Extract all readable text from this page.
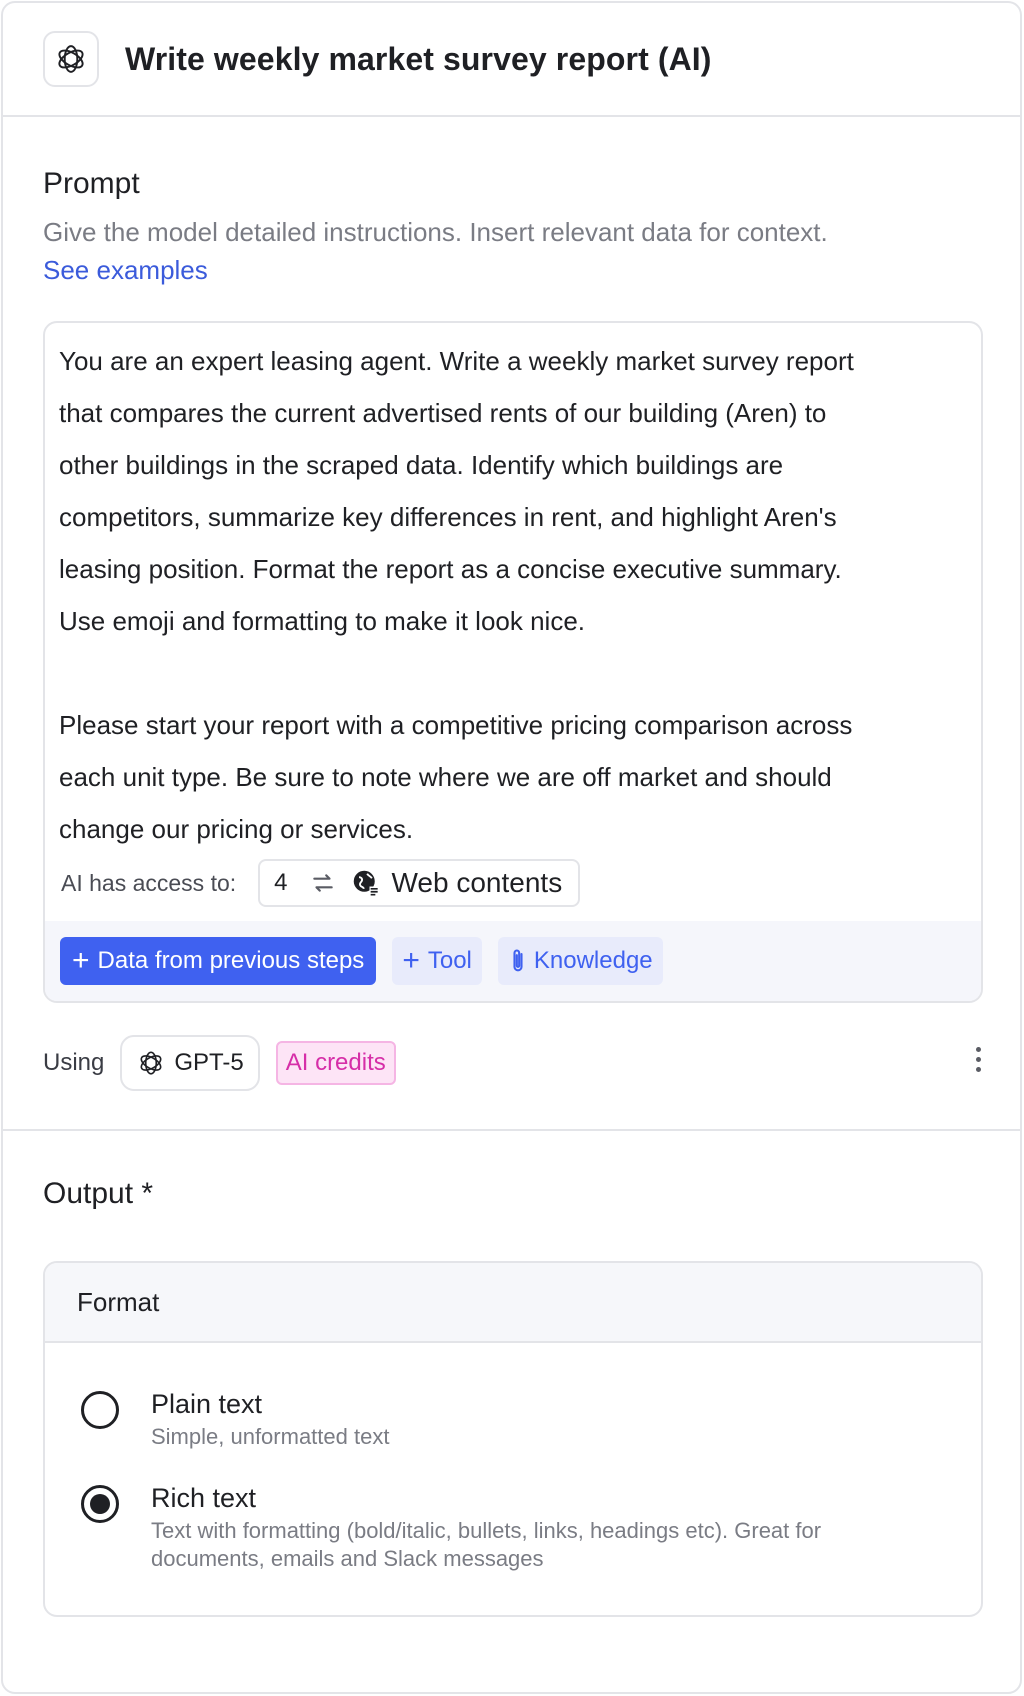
Write weekly market survey report (AI)
Prompt
Give the model detailed instructions. Insert relevant data for context.
See examples
You are an expert leasing agent. Write a weekly market survey report
that compares the current advertised rents of our building (Aren) to
other buildings in the scraped data. Identify which buildings are
competitors, summarize key differences in rent, and highlight Aren's
leasing position. Format the report as a concise executive summary.
Use emoji and formatting to make it look nice.

Please start your report with a competitive pricing comparison across
each unit type. Be sure to note where we are off market and should
change our pricing or services.
AI has access to: 4	Web contents
+ Data from previous steps + Tool	Knowledge
Using	GPT-5	AI credits
Output *
Format
Plain text
Simple, unformatted text
Rich text
Text with formatting (bold/italic, bullets, links, headings etc). Great for documents, emails and Slack messages
